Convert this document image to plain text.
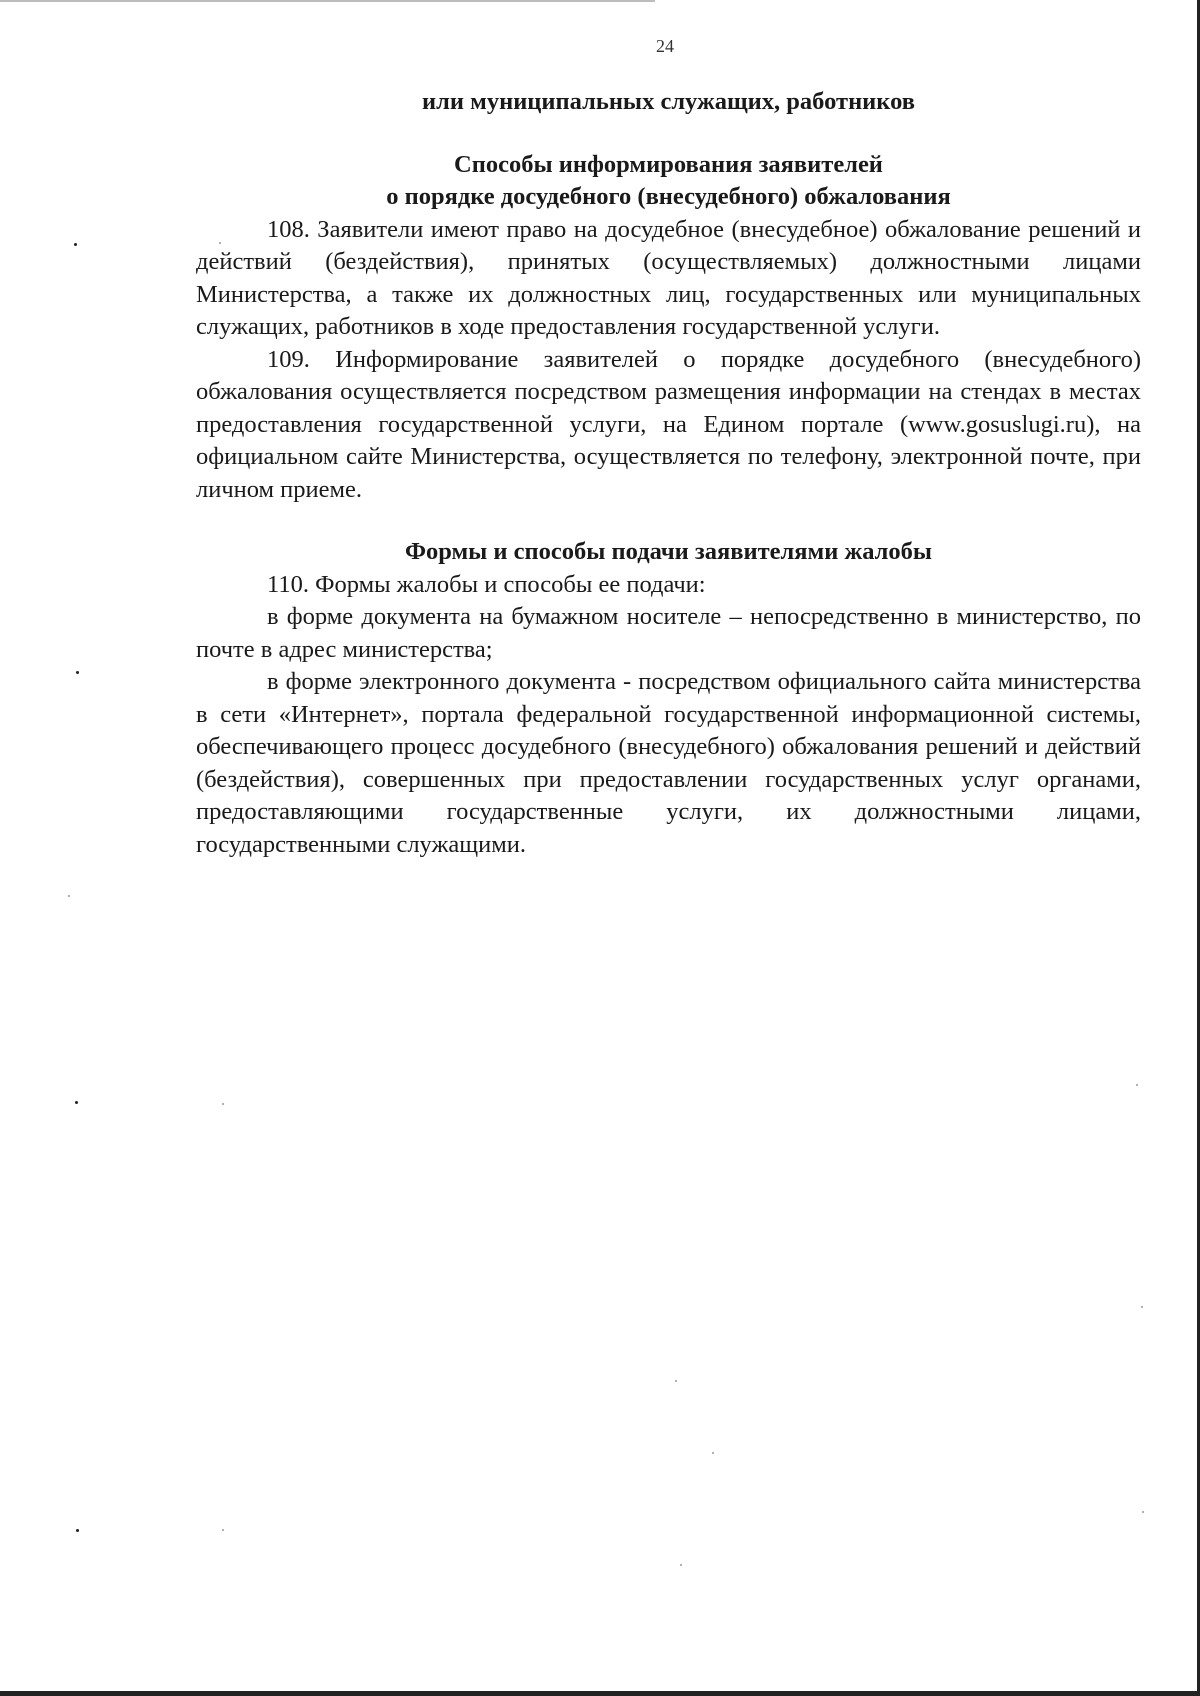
24

или муниципальных служащих, работников

Способы информирования заявителей

о порядке досудебного (внесудебного) обжалования

108. Заявители имеют право на досудебное (внесудебное) обжалование решений и действий (бездействия), принятых (осуществляемых) должностными лицами Министерства, а также их должностных лиц, государственных или муниципальных служащих, работников в ходе предоставления государственной услуги.

109. Информирование заявителей о порядке досудебного (внесудебного) обжалования осуществляется посредством размещения информации на стендах в местах предоставления государственной услуги, на Едином портале (www.gosuslugi.ru), на официальном сайте Министерства, осуществляется по телефону, электронной почте, при личном приеме.

Формы и способы подачи заявителями жалобы

110. Формы жалобы и способы ее подачи:

в форме документа на бумажном носителе – непосредственно в министерство, по почте в адрес министерства;

в форме электронного документа - посредством официального сайта министерства в сети «Интернет», портала федеральной государственной информационной системы, обеспечивающего процесс досудебного (внесудебного) обжалования решений и действий (бездействия), совершенных при предоставлении государственных услуг органами, предоставляющими государственные услуги, их должностными лицами, государственными служащими.
